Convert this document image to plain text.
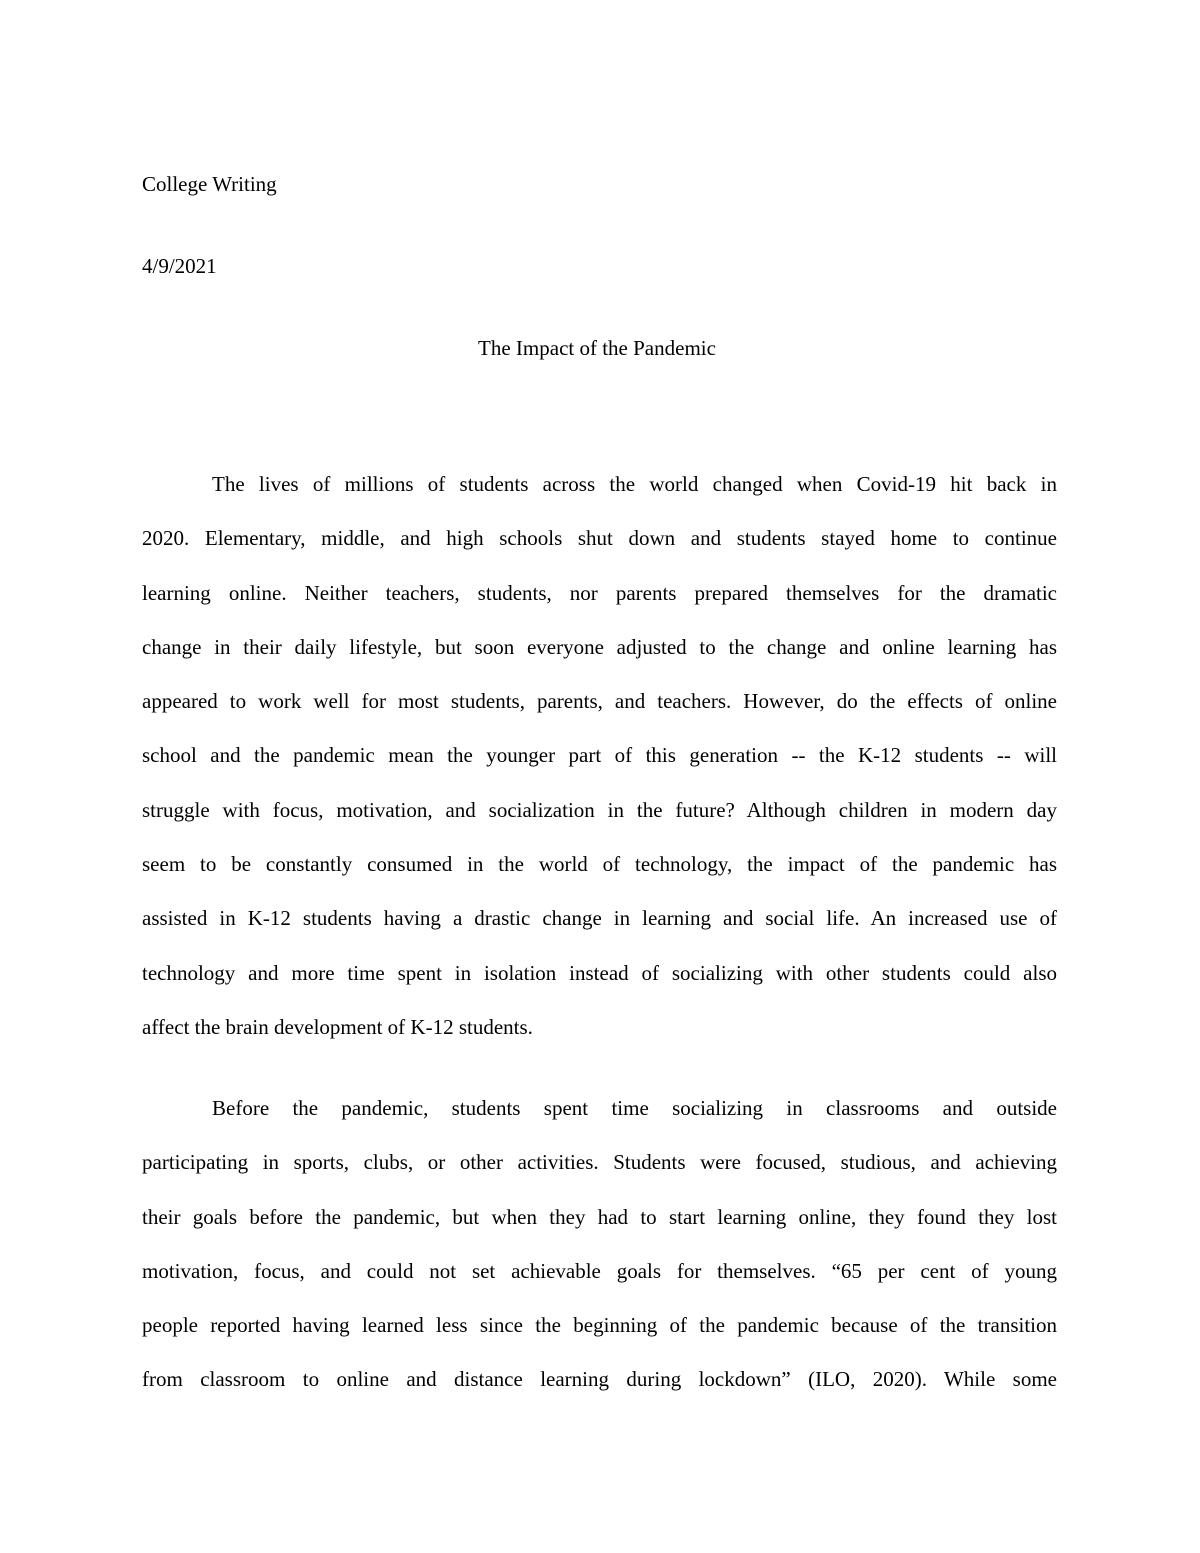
College Writing
4/9/2021
The Impact of the Pandemic
The lives of millions of students across the world changed when Covid-19 hit back in
2020. Elementary, middle, and high schools shut down and students stayed home to continue
learning online. Neither teachers, students, nor parents prepared themselves for the dramatic
change in their daily lifestyle, but soon everyone adjusted to the change and online learning has
appeared to work well for most students, parents, and teachers. However, do the effects of online
school and the pandemic mean the younger part of this generation -- the K-12 students -- will
struggle with focus, motivation, and socialization in the future? Although children in modern day
seem to be constantly consumed in the world of technology, the impact of the pandemic has
assisted in K-12 students having a drastic change in learning and social life. An increased use of
technology and more time spent in isolation instead of socializing with other students could also
affect the brain development of K-12 students.
Before the pandemic, students spent time socializing in classrooms and outside
participating in sports, clubs, or other activities. Students were focused, studious, and achieving
their goals before the pandemic, but when they had to start learning online, they found they lost
motivation, focus, and could not set achievable goals for themselves. “65 per cent of young
people reported having learned less since the beginning of the pandemic because of the transition
from classroom to online and distance learning during lockdown” (ILO, 2020). While some
